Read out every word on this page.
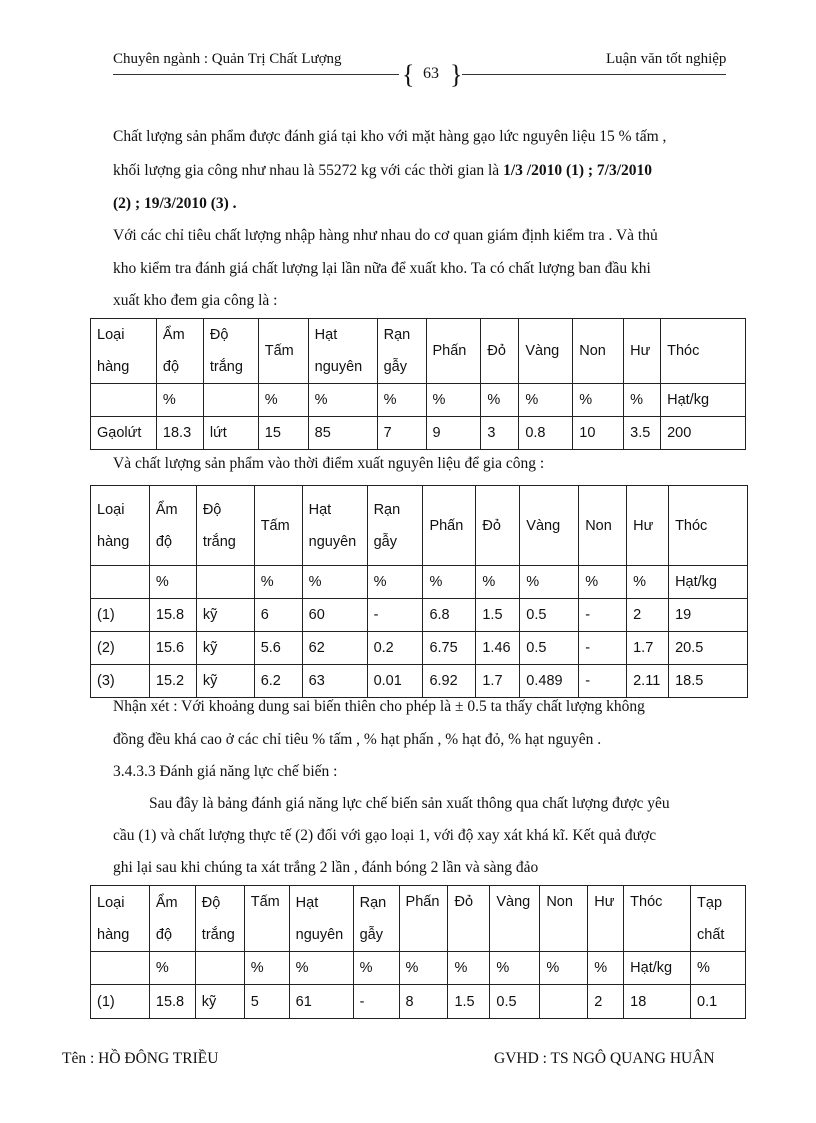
Chuyên ngành : Quản Trị Chất Lượng	Luận văn tốt nghiệp
{ 63 }
Chất lượng sản phẩm được đánh giá tại kho với mặt hàng gạo lức nguyên liệu 15 % tấm ,
khối lượng gia công như nhau là 55272 kg với các thời gian là 1/3 /2010 (1) ; 7/3/2010
(2) ; 19/3/2010 (3) .
Với các chỉ tiêu chất lượng nhập hàng như nhau do cơ quan giám định kiểm tra . Và thủ
kho kiểm tra đánh giá chất lượng lại lần nữa để xuất kho. Ta có chất lượng ban đầu khi
xuất kho đem gia công là :
Loại hàng	Ẩm độ	Độ trắng	Tấm	Hạt nguyên	Rạn gẫy	Phấn	Đỏ	Vàng	Non	Hư	Thóc
	%		%	%	%	%	%	%	%	%	Hạt/kg
Gạolứt	18.3	lứt	15	85	7	9	3	0.8	10	3.5	200
Và chất lượng sản phẩm vào thời điểm xuất nguyên liệu để gia công :
Loại hàng	Ẩm độ	Độ trắng	Tấm	Hạt nguyên	Rạn gẫy	Phấn	Đỏ	Vàng	Non	Hư	Thóc
	%		%	%	%	%	%	%	%	%	Hạt/kg
(1)	15.8	kỹ	6	60	-	6.8	1.5	0.5	-	2	19
(2)	15.6	kỹ	5.6	62	0.2	6.75	1.46	0.5	-	1.7	20.5
(3)	15.2	kỹ	6.2	63	0.01	6.92	1.7	0.489	-	2.11	18.5
Nhận xét : Với khoảng dung sai biến thiên cho phép là ± 0.5 ta thấy chất lượng không
đồng đều khá cao ở các chỉ tiêu % tấm , % hạt phấn , % hạt đỏ, % hạt nguyên .
3.4.3.3 Đánh giá năng lực chế biến :
Sau đây là bảng đánh giá năng lực chế biến sản xuất thông qua chất lượng được yêu
cầu (1) và chất lượng thực tế (2) đối với gạo loại 1, với độ xay xát khá kĩ. Kết quả được
ghi lại sau khi chúng ta xát trắng 2 lần , đánh bóng 2 lần và sàng đảo
Loại hàng	Ẩm độ	Độ trắng	Tấm	Hạt nguyên	Rạn gẫy	Phấn	Đỏ	Vàng	Non	Hư	Thóc	Tạp chất
	%		%	%	%	%	%	%	%	%	Hạt/kg	%
(1)	15.8	kỹ	5	61	-	8	1.5	0.5		2	18	0.1
Tên : HỒ ĐÔNG TRIỀU	GVHD : TS NGÔ QUANG HUÂN
